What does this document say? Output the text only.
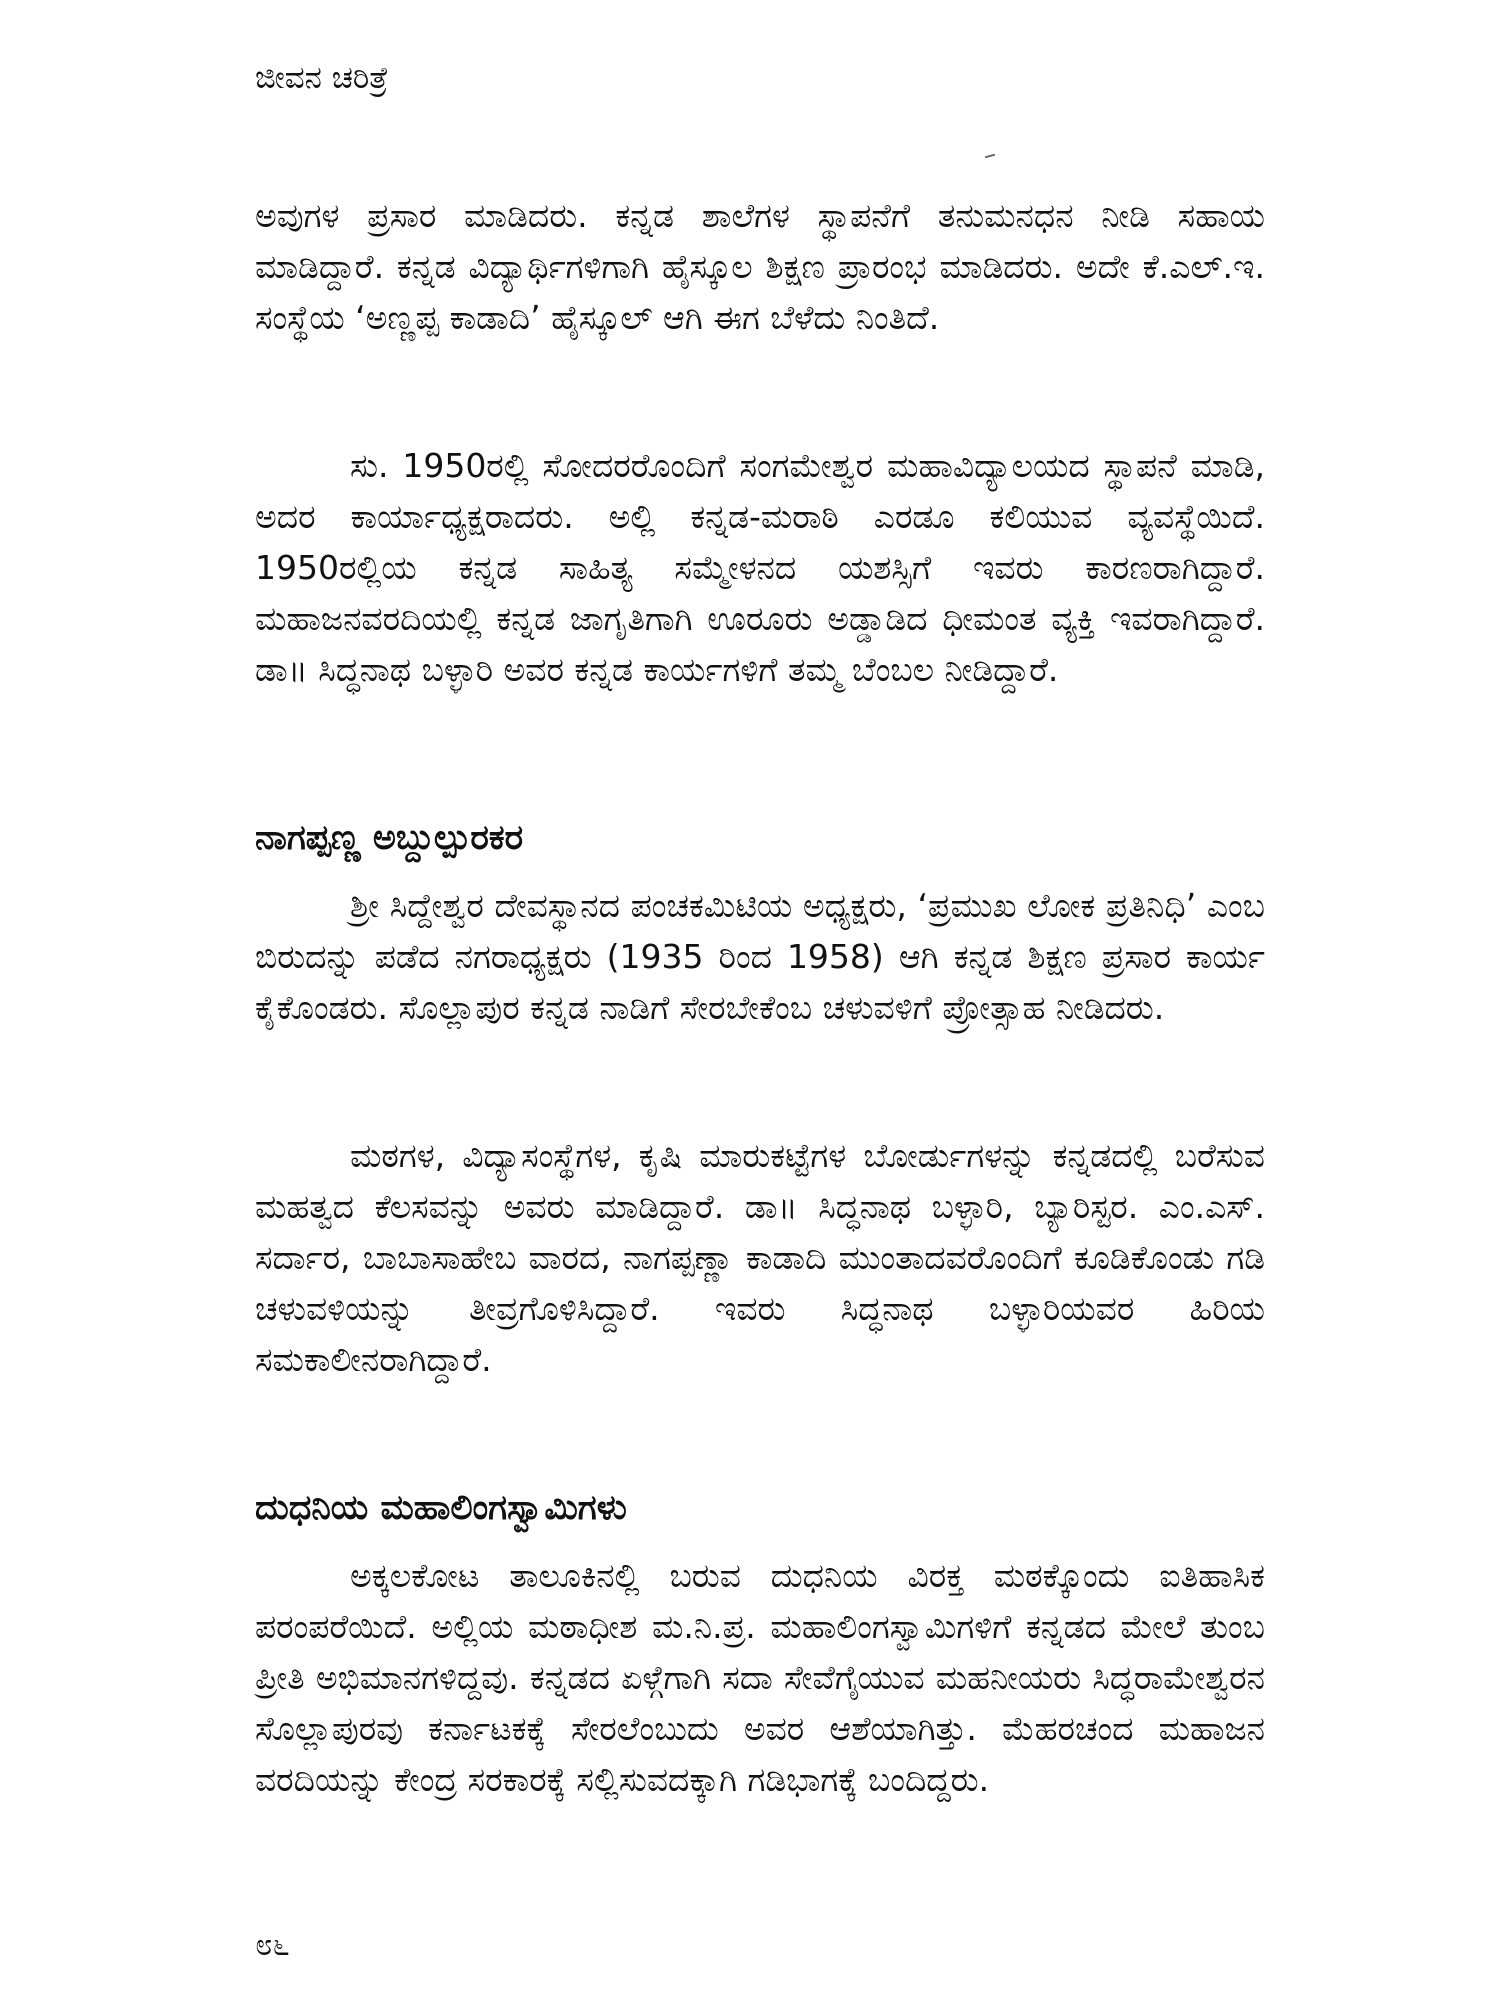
ಜೀವನ ಚರಿತ್ರೆ

ಅವುಗಳ ಪ್ರಸಾರ ಮಾಡಿದರು. ಕನ್ನಡ ಶಾಲೆಗಳ ಸ್ಥಾಪನೆಗೆ ತನುಮನಧನ ನೀಡಿ ಸಹಾಯ ಮಾಡಿದ್ದಾರೆ. ಕನ್ನಡ ವಿದ್ಯಾರ್ಥಿಗಳಿಗಾಗಿ ಹೈಸ್ಕೂಲ ಶಿಕ್ಷಣ ಪ್ರಾರಂಭ ಮಾಡಿದರು. ಅದೇ ಕೆ.ಎಲ್.ಇ. ಸಂಸ್ಥೆಯ ‘ಅಣ್ಣಪ್ಪ ಕಾಡಾದಿ’ ಹೈಸ್ಕೂಲ್ ಆಗಿ ಈಗ ಬೆಳೆದು ನಿಂತಿದೆ.

ಸು. 1950ರಲ್ಲಿ ಸೋದರರೊಂದಿಗೆ ಸಂಗಮೇಶ್ವರ ಮಹಾವಿದ್ಯಾಲಯದ ಸ್ಥಾಪನೆ ಮಾಡಿ, ಅದರ ಕಾರ್ಯಾಧ್ಯಕ್ಷರಾದರು. ಅಲ್ಲಿ ಕನ್ನಡ-ಮರಾಠಿ ಎರಡೂ ಕಲಿಯುವ ವ್ಯವಸ್ಥೆಯಿದೆ. 1950ರಲ್ಲಿಯ ಕನ್ನಡ ಸಾಹಿತ್ಯ ಸಮ್ಮೇಳನದ ಯಶಸ್ಸಿಗೆ ಇವರು ಕಾರಣರಾಗಿದ್ದಾರೆ. ಮಹಾಜನವರದಿಯಲ್ಲಿ ಕನ್ನಡ ಜಾಗೃತಿಗಾಗಿ ಊರೂರು ಅಡ್ಡಾಡಿದ ಧೀಮಂತ ವ್ಯಕ್ತಿ ಇವರಾಗಿದ್ದಾರೆ. ಡಾ॥ ಸಿದ್ಧನಾಥ ಬಳ್ಳಾರಿ ಅವರ ಕನ್ನಡ ಕಾರ್ಯಗಳಿಗೆ ತಮ್ಮ ಬೆಂಬಲ ನೀಡಿದ್ದಾರೆ.

ನಾಗಪ್ಪಣ್ಣ ಅಬ್ದುಲ್ಪುರಕರ

ಶ್ರೀ ಸಿದ್ದೇಶ್ವರ ದೇವಸ್ಥಾನದ ಪಂಚಕಮಿಟಿಯ ಅಧ್ಯಕ್ಷರು, ‘ಪ್ರಮುಖ ಲೋಕ ಪ್ರತಿನಿಧಿ’ ಎಂಬ ಬಿರುದನ್ನು ಪಡೆದ ನಗರಾಧ್ಯಕ್ಷರು (1935 ರಿಂದ 1958) ಆಗಿ ಕನ್ನಡ ಶಿಕ್ಷಣ ಪ್ರಸಾರ ಕಾರ್ಯ ಕೈಕೊಂಡರು. ಸೊಲ್ಲಾಪುರ ಕನ್ನಡ ನಾಡಿಗೆ ಸೇರಬೇಕೆಂಬ ಚಳುವಳಿಗೆ ಪ್ರೋತ್ಸಾಹ ನೀಡಿದರು.

ಮಠಗಳ, ವಿದ್ಯಾಸಂಸ್ಥೆಗಳ, ಕೃಷಿ ಮಾರುಕಟ್ಟೆಗಳ ಬೋರ್ಡುಗಳನ್ನು ಕನ್ನಡದಲ್ಲಿ ಬರೆಸುವ ಮಹತ್ವದ ಕೆಲಸವನ್ನು ಅವರು ಮಾಡಿದ್ದಾರೆ. ಡಾ॥ ಸಿದ್ಧನಾಥ ಬಳ್ಳಾರಿ, ಬ್ಯಾರಿಸ್ಟರ. ಎಂ.ಎಸ್. ಸರ್ದಾರ, ಬಾಬಾಸಾಹೇಬ ವಾರದ, ನಾಗಪ್ಪಣ್ಣಾ ಕಾಡಾದಿ ಮುಂತಾದವರೊಂದಿಗೆ ಕೂಡಿಕೊಂಡು ಗಡಿ ಚಳುವಳಿಯನ್ನು ತೀವ್ರಗೊಳಿಸಿದ್ದಾರೆ. ಇವರು ಸಿದ್ಧನಾಥ ಬಳ್ಳಾರಿಯವರ ಹಿರಿಯ ಸಮಕಾಲೀನರಾಗಿದ್ದಾರೆ.

ದುಧನಿಯ ಮಹಾಲಿಂಗಸ್ವಾಮಿಗಳು

ಅಕ್ಕಲಕೋಟ ತಾಲೂಕಿನಲ್ಲಿ ಬರುವ ದುಧನಿಯ ವಿರಕ್ತ ಮಠಕ್ಕೊಂದು ಐತಿಹಾಸಿಕ ಪರಂಪರೆಯಿದೆ. ಅಲ್ಲಿಯ ಮಠಾಧೀಶ ಮ.ನಿ.ಪ್ರ. ಮಹಾಲಿಂಗಸ್ವಾಮಿಗಳಿಗೆ ಕನ್ನಡದ ಮೇಲೆ ತುಂಬ ಪ್ರೀತಿ ಅಭಿಮಾನಗಳಿದ್ದವು. ಕನ್ನಡದ ಏಳ್ಗೆಗಾಗಿ ಸದಾ ಸೇವೆಗೈಯುವ ಮಹನೀಯರು ಸಿದ್ಧರಾಮೇಶ್ವರನ ಸೊಲ್ಲಾಪುರವು ಕರ್ನಾಟಕಕ್ಕೆ ಸೇರಲೆಂಬುದು ಅವರ ಆಶೆಯಾಗಿತ್ತು. ಮೆಹರಚಂದ ಮಹಾಜನ ವರದಿಯನ್ನು ಕೇಂದ್ರ ಸರಕಾರಕ್ಕೆ ಸಲ್ಲಿಸುವದಕ್ಕಾಗಿ ಗಡಿಭಾಗಕ್ಕೆ ಬಂದಿದ್ದರು.

೮೬
